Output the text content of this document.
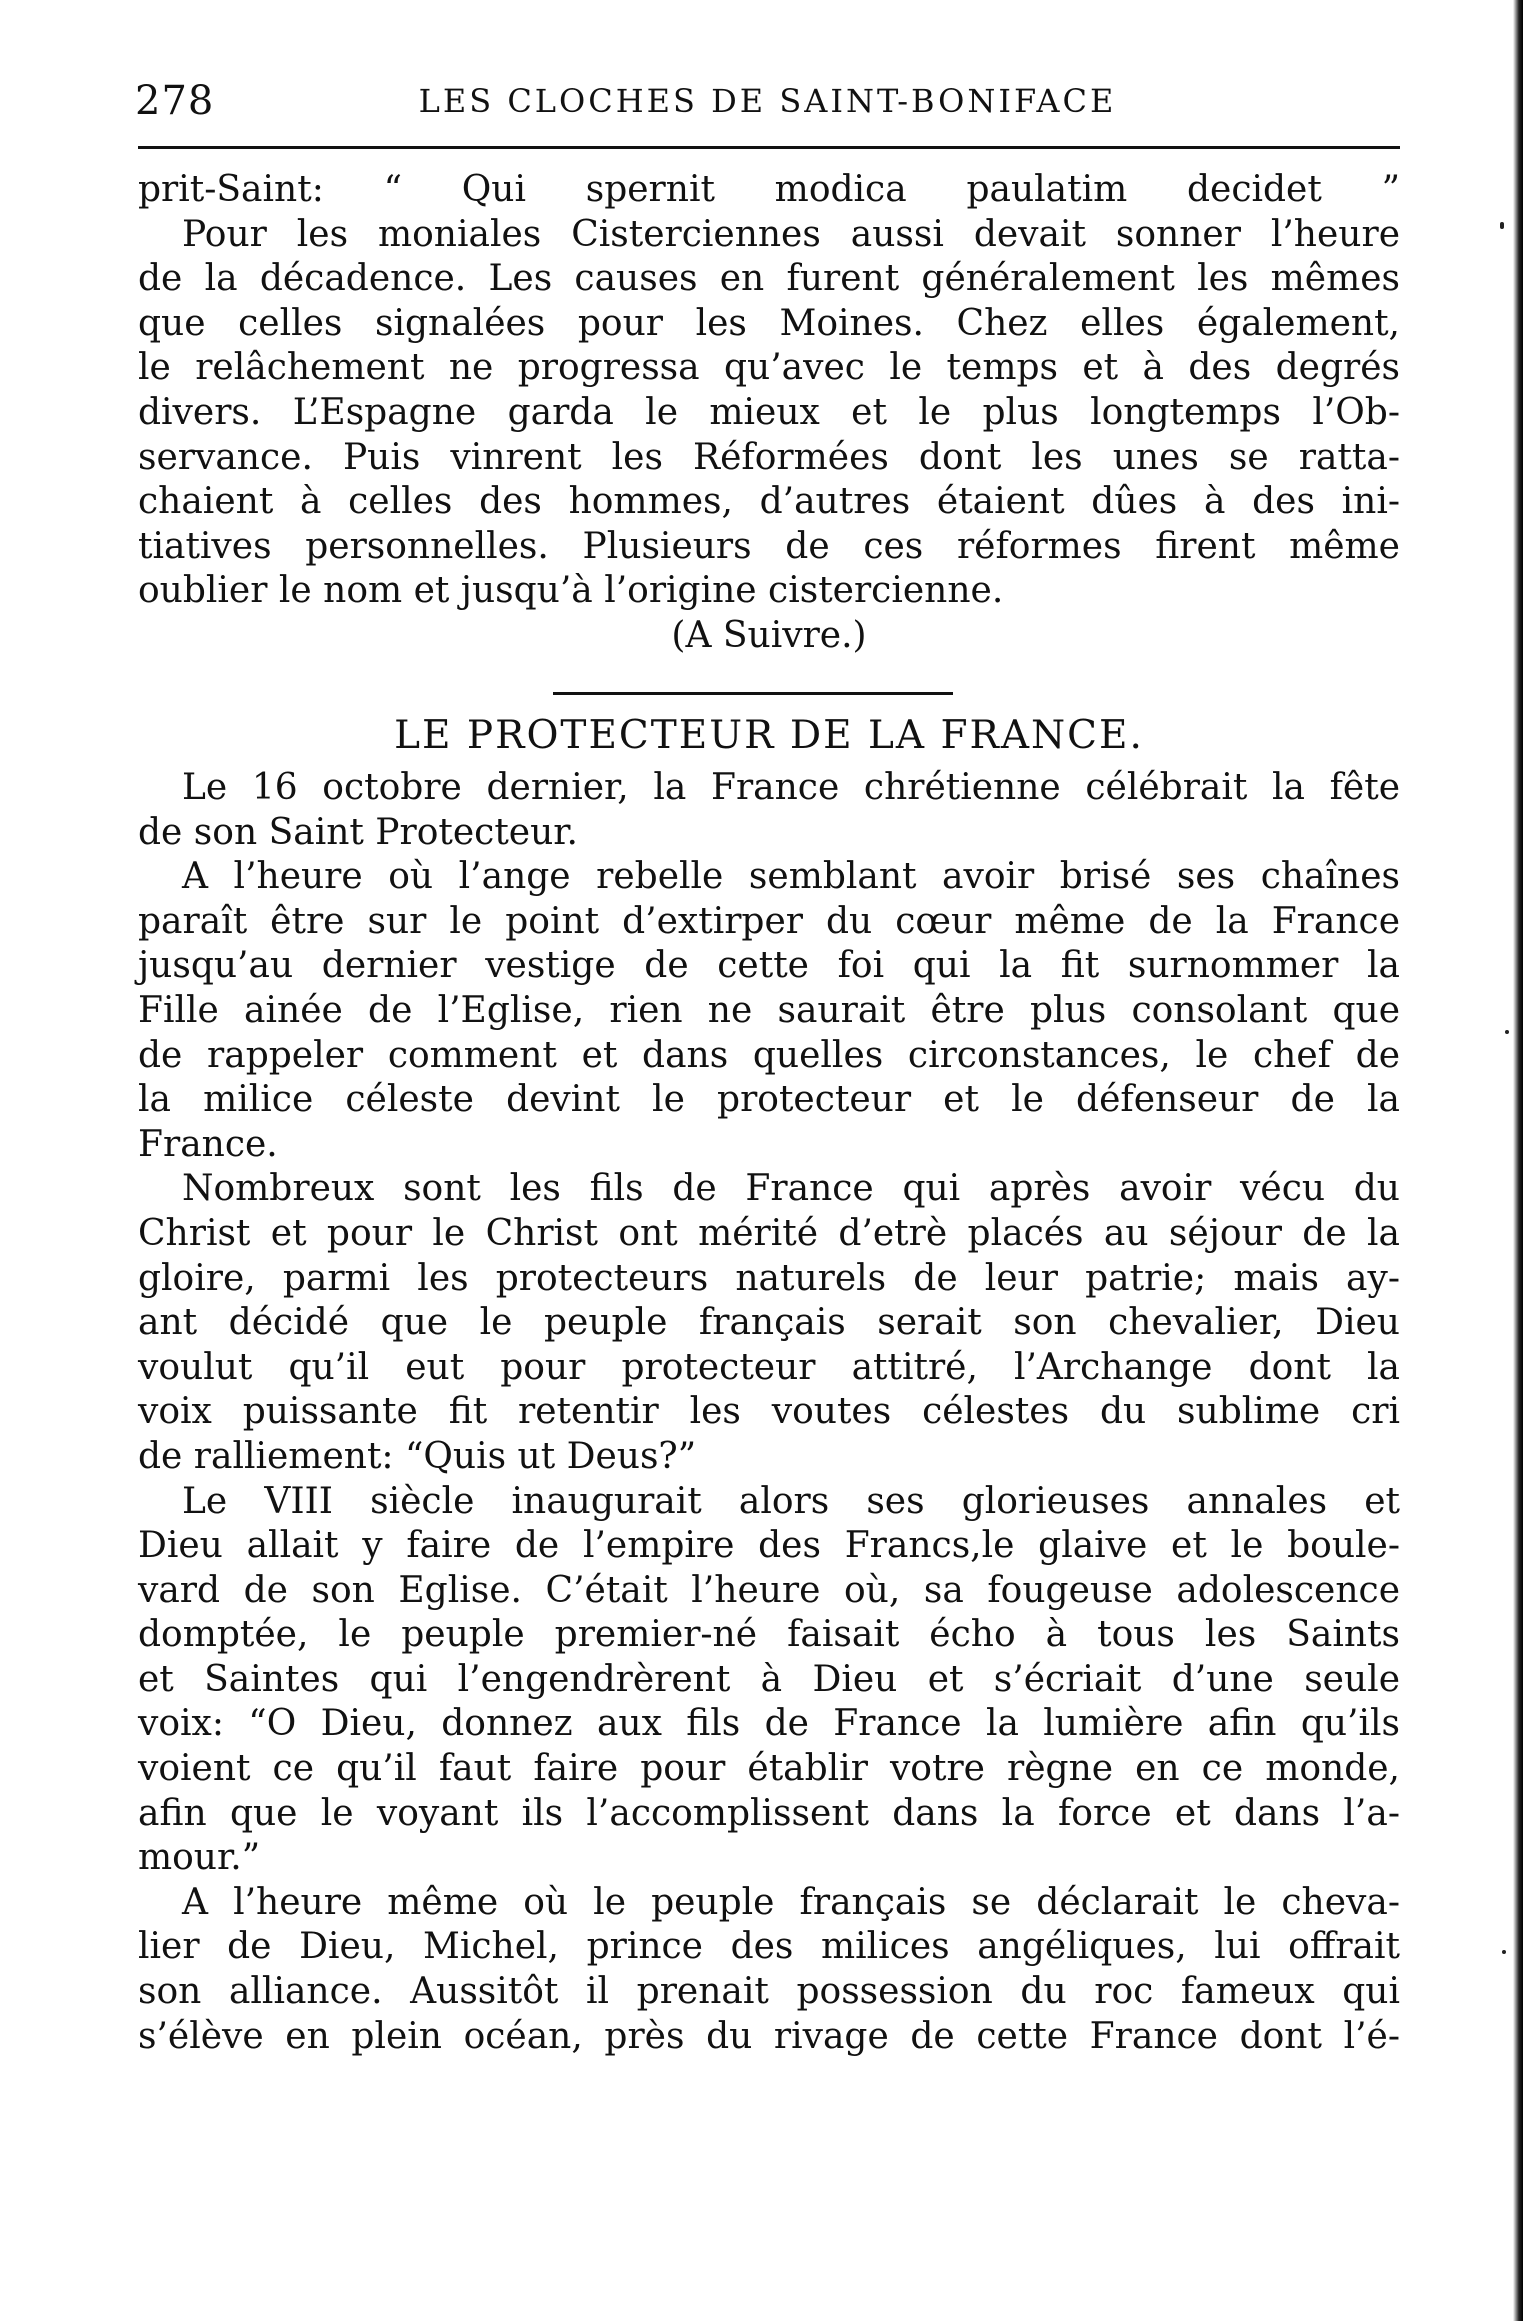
278	LES CLOCHES DE SAINT-BONIFACE
prit-Saint: “ Qui spernit modica paulatim decidet ”
Pour les moniales Cisterciennes aussi devait sonner l’heure
de la décadence. Les causes en furent généralement les mêmes
que celles signalées pour les Moines. Chez elles également,
le relâchement ne progressa qu’avec le temps et à des degrés
divers. L’Espagne garda le mieux et le plus longtemps l’Ob-
servance. Puis vinrent les Réformées dont les unes se ratta-
chaient à celles des hommes, d’autres étaient dûes à des ini-
tiatives personnelles. Plusieurs de ces réformes firent même
oublier le nom et jusqu’à l’origine cistercienne.
(A Suivre.)
LE PROTECTEUR DE LA FRANCE.
Le 16 octobre dernier, la France chrétienne célébrait la fête
de son Saint Protecteur.
A l’heure où l’ange rebelle semblant avoir brisé ses chaînes
paraît être sur le point d’extirper du cœur même de la France
jusqu’au dernier vestige de cette foi qui la fit surnommer la
Fille ainée de l’Eglise, rien ne saurait être plus consolant que
de rappeler comment et dans quelles circonstances, le chef de
la milice céleste devint le protecteur et le défenseur de la
France.
Nombreux sont les fils de France qui après avoir vécu du
Christ et pour le Christ ont mérité d’etrè placés au séjour de la
gloire, parmi les protecteurs naturels de leur patrie; mais ay-
ant décidé que le peuple français serait son chevalier, Dieu
voulut qu’il eut pour protecteur attitré, l’Archange dont la
voix puissante fit retentir les voutes célestes du sublime cri
de ralliement: “Quis ut Deus?”
Le VIII siècle inaugurait alors ses glorieuses annales et
Dieu allait y faire de l’empire des Francs,le glaive et le boule-
vard de son Eglise. C’était l’heure où, sa fougeuse adolescence
domptée, le peuple premier-né faisait écho à tous les Saints
et Saintes qui l’engendrèrent à Dieu et s’écriait d’une seule
voix: “O Dieu, donnez aux fils de France la lumière afin qu’ils
voient ce qu’il faut faire pour établir votre règne en ce monde,
afin que le voyant ils l’accomplissent dans la force et dans l’a-
mour.”
A l’heure même où le peuple français se déclarait le cheva-
lier de Dieu, Michel, prince des milices angéliques, lui offrait
son alliance. Aussitôt il prenait possession du roc fameux qui
s’élève en plein océan, près du rivage de cette France dont l’é-
